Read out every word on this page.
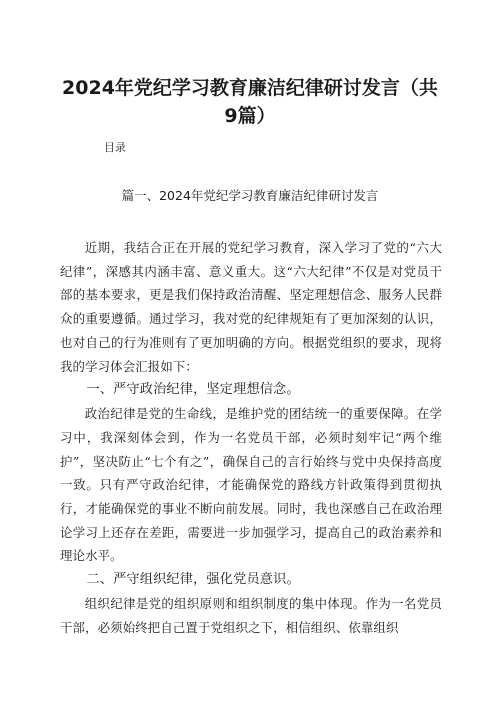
2024年党纪学习教育廉洁纪律研讨发言（共9篇）
目录
篇一、2024年党纪学习教育廉洁纪律研讨发言

近期，我结合正在开展的党纪学习教育，深入学习了党的“六大纪律”，深感其内涵丰富、意义重大。这“六大纪律”不仅是对党员干部的基本要求，更是我们保持政治清醒、坚定理想信念、服务人民群众的重要遵循。通过学习，我对党的纪律规矩有了更加深刻的认识，也对自己的行为准则有了更加明确的方向。根据党组织的要求，现将我的学习体会汇报如下：

一、严守政治纪律，坚定理想信念。

政治纪律是党的生命线，是维护党的团结统一的重要保障。在学习中，我深刻体会到，作为一名党员干部，必须时刻牢记“两个维护”，坚决防止“七个有之”，确保自己的言行始终与党中央保持高度一致。只有严守政治纪律，才能确保党的路线方针政策得到贯彻执行，才能确保党的事业不断向前发展。同时，我也深感自己在政治理论学习上还存在差距，需要进一步加强学习，提高自己的政治素养和理论水平。

二、严守组织纪律，强化党员意识。

组织纪律是党的组织原则和组织制度的集中体现。作为一名党员干部，必须始终把自己置于党组织之下，相信组织、依靠组织
